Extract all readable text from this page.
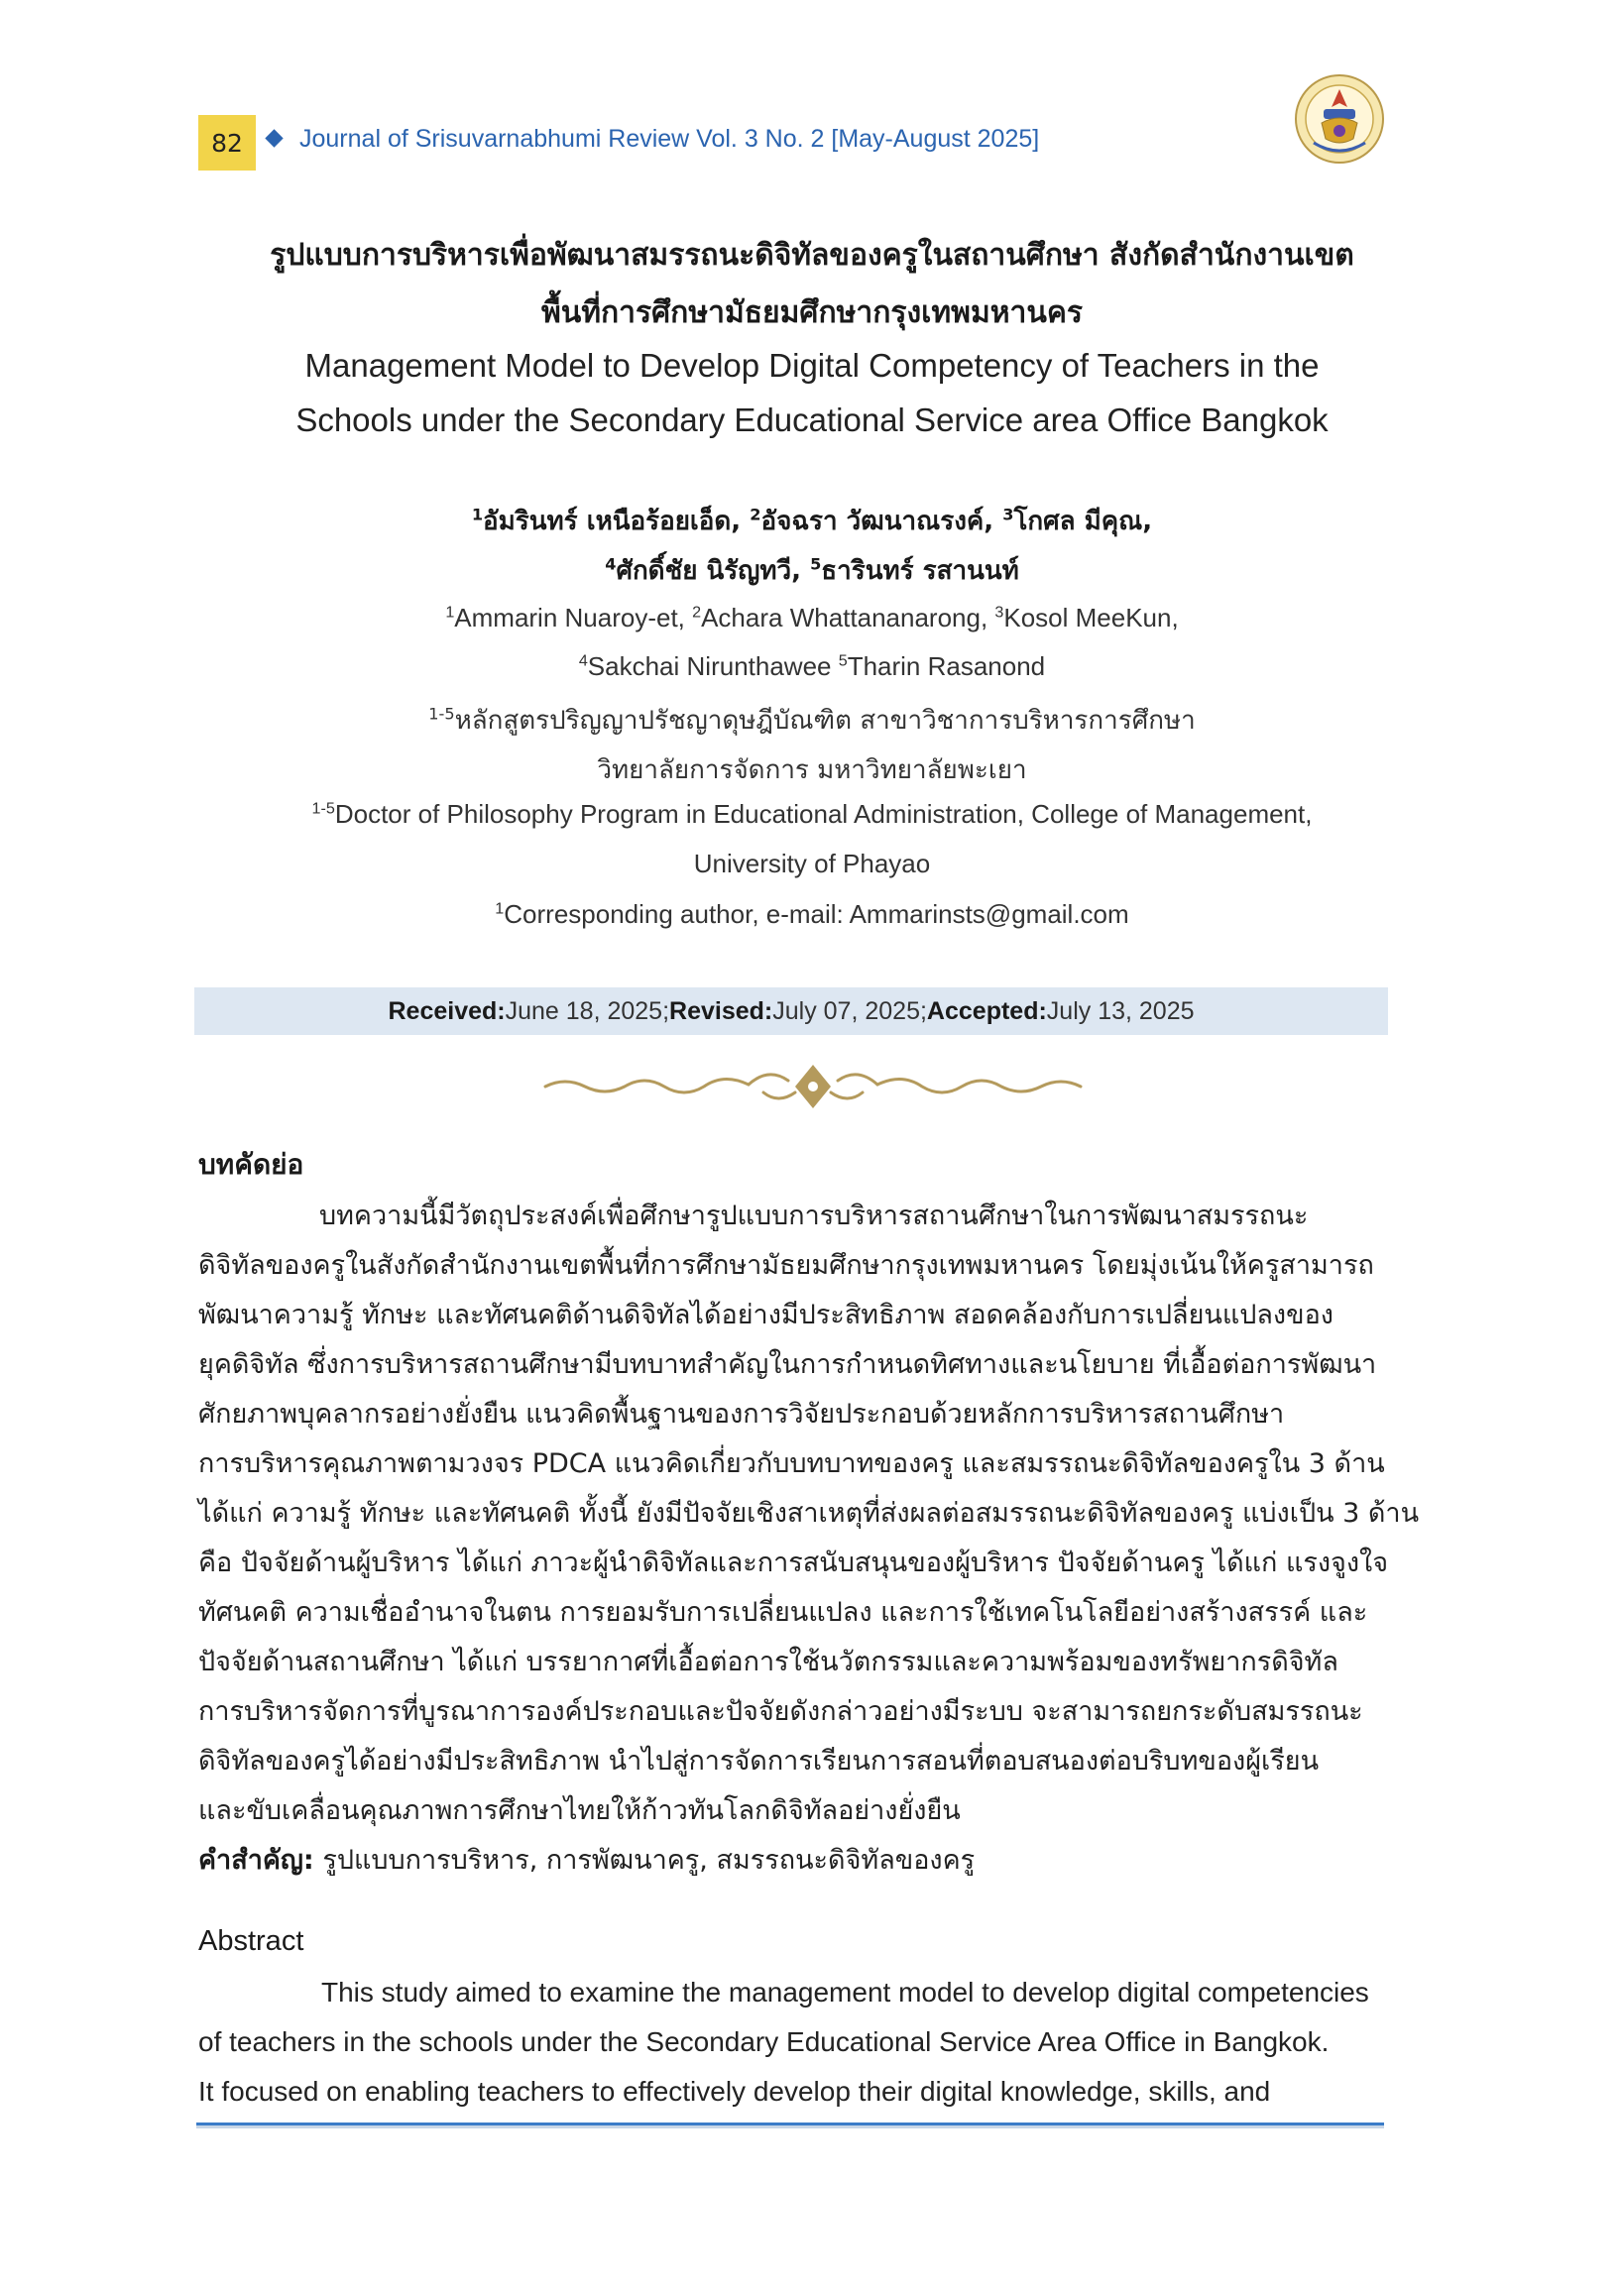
82	Journal of Srisuvarnabhumi Review Vol. 3 No. 2 [May-August 2025]
รูปแบบการบริหารเพื่อพัฒนาสมรรถนะดิจิทัลของครูในสถานศึกษา สังกัดสำนักงานเขต
พื้นที่การศึกษามัธยมศึกษากรุงเทพมหานคร
Management Model to Develop Digital Competency of Teachers in the
Schools under the Secondary Educational Service area Office Bangkok
$^1$อัมรินทร์ เหนือร้อยเอ็ด, $^2$อัจฉรา วัฒนาณรงค์, $^3$โกศล มีคุณ,
$^4$ศักดิ์ชัย นิรัญทวี, $^5$ธารินทร์ รสานนท์
$^1$Ammarin Nuaroy-et, $^2$Achara Whattananarong, $^3$Kosol MeeKun,
$^4$Sakchai Nirunthawee $^5$Tharin Rasanond
$^{1-5}$หลักสูตรปริญญาปรัชญาดุษฎีบัณฑิต สาขาวิชาการบริหารการศึกษา
วิทยาลัยการจัดการ มหาวิทยาลัยพะเยา
$^{1-5}$Doctor of Philosophy Program in Educational Administration, College of Management,
University of Phayao
$^1$Corresponding author, e-mail: Ammarinsts@gmail.com
Received: June 18, 2025; Revised: July 07, 2025; Accepted: July 13, 2025
บทคัดย่อ
บทความนี้มีวัตถุประสงค์เพื่อศึกษารูปแบบการบริหารสถานศึกษาในการพัฒนาสมรรถนะ
ดิจิทัลของครูในสังกัดสำนักงานเขตพื้นที่การศึกษามัธยมศึกษากรุงเทพมหานคร โดยมุ่งเน้นให้ครูสามารถ
พัฒนาความรู้ ทักษะ และทัศนคติด้านดิจิทัลได้อย่างมีประสิทธิภาพ สอดคล้องกับการเปลี่ยนแปลงของ
ยุคดิจิทัล ซึ่งการบริหารสถานศึกษามีบทบาทสำคัญในการกำหนดทิศทางและนโยบาย ที่เอื้อต่อการพัฒนา
ศักยภาพบุคลากรอย่างยั่งยืน แนวคิดพื้นฐานของการวิจัยประกอบด้วยหลักการบริหารสถานศึกษา
การบริหารคุณภาพตามวงจร PDCA แนวคิดเกี่ยวกับบทบาทของครู และสมรรถนะดิจิทัลของครูใน 3 ด้าน
ได้แก่ ความรู้ ทักษะ และทัศนคติ ทั้งนี้ ยังมีปัจจัยเชิงสาเหตุที่ส่งผลต่อสมรรถนะดิจิทัลของครู แบ่งเป็น 3 ด้าน
คือ ปัจจัยด้านผู้บริหาร ได้แก่ ภาวะผู้นำดิจิทัลและการสนับสนุนของผู้บริหาร ปัจจัยด้านครู ได้แก่ แรงจูงใจ
ทัศนคติ ความเชื่ออำนาจในตน การยอมรับการเปลี่ยนแปลง และการใช้เทคโนโลยีอย่างสร้างสรรค์ และ
ปัจจัยด้านสถานศึกษา ได้แก่ บรรยากาศที่เอื้อต่อการใช้นวัตกรรมและความพร้อมของทรัพยากรดิจิทัล
การบริหารจัดการที่บูรณาการองค์ประกอบและปัจจัยดังกล่าวอย่างมีระบบ จะสามารถยกระดับสมรรถนะ
ดิจิทัลของครูได้อย่างมีประสิทธิภาพ นำไปสู่การจัดการเรียนการสอนที่ตอบสนองต่อบริบทของผู้เรียน
และขับเคลื่อนคุณภาพการศึกษาไทยให้ก้าวทันโลกดิจิทัลอย่างยั่งยืน
คำสำคัญ: รูปแบบการบริหาร, การพัฒนาครู, สมรรถนะดิจิทัลของครู
Abstract
This study aimed to examine the management model to develop digital competencies
of teachers in the schools under the Secondary Educational Service Area Office in Bangkok.
It focused on enabling teachers to effectively develop their digital knowledge, skills, and
